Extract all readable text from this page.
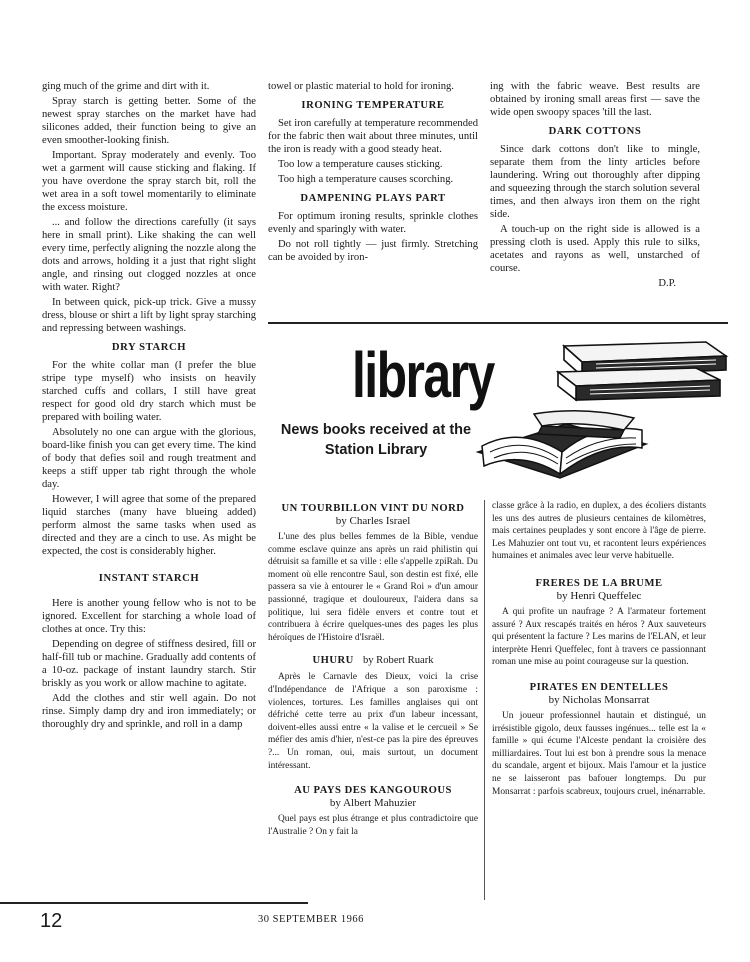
ging much of the grime and dirt with it.

Spray starch is getting better. Some of the newest spray starches on the market have had silicones added, their function being to give an even smoother-looking finish.

Important. Spray moderately and evenly. Too wet a garment will cause sticking and flaking. If you have overdone the spray starch bit, roll the wet area in a soft towel momentarily to eliminate the excess moisture.

... and follow the directions carefully (it says here in small print). Like shaking the can well every time, perfectly aligning the nozzle along the dots and arrows, holding it a just that right slight angle, and rinsing out clogged nozzles at once with water. Right?

In between quick, pick-up trick. Give a mussy dress, blouse or shirt a lift by light spray starching and repressing between washings.

DRY STARCH

For the white collar man (I prefer the blue stripe type myself) who insists on heavily starched cuffs and collars, I still have great respect for good old dry starch which must be prepared with boiling water.

Absolutely no one can argue with the glorious, board-like finish you can get every time. The kind of body that defies soil and rough treatment and keeps a stiff upper tab right through the whole day.

However, I will agree that some of the prepared liquid starches (many have blueing added) perform almost the same tasks when used as directed and they are a cinch to use. As might be expected, the cost is considerably higher.

INSTANT STARCH

Here is another young fellow who is not to be ignored. Excellent for starching a whole load of clothes at once. Try this:

Depending on degree of stiffness desired, fill or half-fill tub or machine. Gradually add contents of a 10-oz. package of instant laundry starch. Stir briskly as you work or allow machine to agitate.

Add the clothes and stir well again. Do not rinse. Simply damp dry and iron immediately; or thoroughly dry and sprinkle, and roll in a damp

towel or plastic material to hold for ironing.

IRONING TEMPERATURE

Set iron carefully at temperature recommended for the fabric then wait about three minutes, until the iron is ready with a good steady heat.

Too low a temperature causes sticking.

Too high a temperature causes scorching.

DAMPENING PLAYS PART

For optimum ironing results, sprinkle clothes evenly and sparingly with water.

Do not roll tightly — just firmly. Stretching can be avoided by iron-

ing with the fabric weave. Best results are obtained by ironing small areas first — save the wide open swoopy spaces 'till the last.

DARK COTTONS

Since dark cottons don't like to mingle, separate them from the linty articles before laundering. Wring out thoroughly after dipping and squeezing through the starch solution several times, and then always iron them on the right side.

A touch-up on the right side is allowed is a pressing cloth is used. Apply this rule to silks, acetates and rayons as well, unstarched of course.

D.P.

library
News books received at the Station Library
UN TOURBILLON VINT DU NORD
by Charles Israel
L'une des plus belles femmes de la Bible, vendue comme esclave quinze ans après un raid philistin qui détruisit sa famille et sa ville : elle s'appelle zpiRah. Du moment où elle rencontre Saul, son destin est fixé, elle passera sa vie à entourer le « Grand Roi » d'un amour passionné, tragique et douloureux, l'aidera dans sa politique, lui sera fidèle envers et contre tout et contribuera à écrire quelques-unes des pages les plus héroïques de l'Histoire d'Israël.
UHURU by Robert Ruark
Après le Carnavle des Dieux, voici la crise d'Indépendance de l'Afrique a son paroxisme : violences, tortures. Les familles anglaises qui ont défriché cette terre au prix d'un labeur incessant, doivent-elles aussi entre « la valise et le cercueil » Se méfier des amis d'hier, n'est-ce pas la pire des épreuves ?... Un roman, oui, mais surtout, un document intéressant.
AU PAYS DES KANGOUROUS
by Albert Mahuzier
Quel pays est plus étrange et plus contradictoire que l'Australie ? On y fait la
classe grâce à la radio, en duplex, a des écoliers distants les uns des autres de plusieurs centaines de kilomètres, mais certaines peuplades y sont encore à l'âge de pierre. Les Mahuzier ont tout vu, et racontent leurs expériences humaines et animales avec leur verve habituelle.
FRERES DE LA BRUME
by Henri Queffelec
A qui profite un naufrage ? A l'armateur fortement assuré ? Aux rescapés traités en héros ? Aux sauveteurs qui présentent la facture ? Les marins de l'ELAN, et leur interprète Henri Queffelec, font à travers ce passionnant roman une mise au point courageuse sur la question.
PIRATES EN DENTELLES
by Nicholas Monsarrat
Un joueur professionnel hautain et distingué, un irrésistible gigolo, deux fausses ingénues... telle est la « famille » qui écume l'Alceste pendant la croisière des milliardaires. Tout lui est bon à prendre sous la menace du scandale, argent et bijoux. Mais l'amour et la justice ne se laisseront pas bafouer longtemps. Du pur Monsarrat : parfois scabreux, toujours cruel, inénarrable.
12	30 SEPTEMBER 1966
